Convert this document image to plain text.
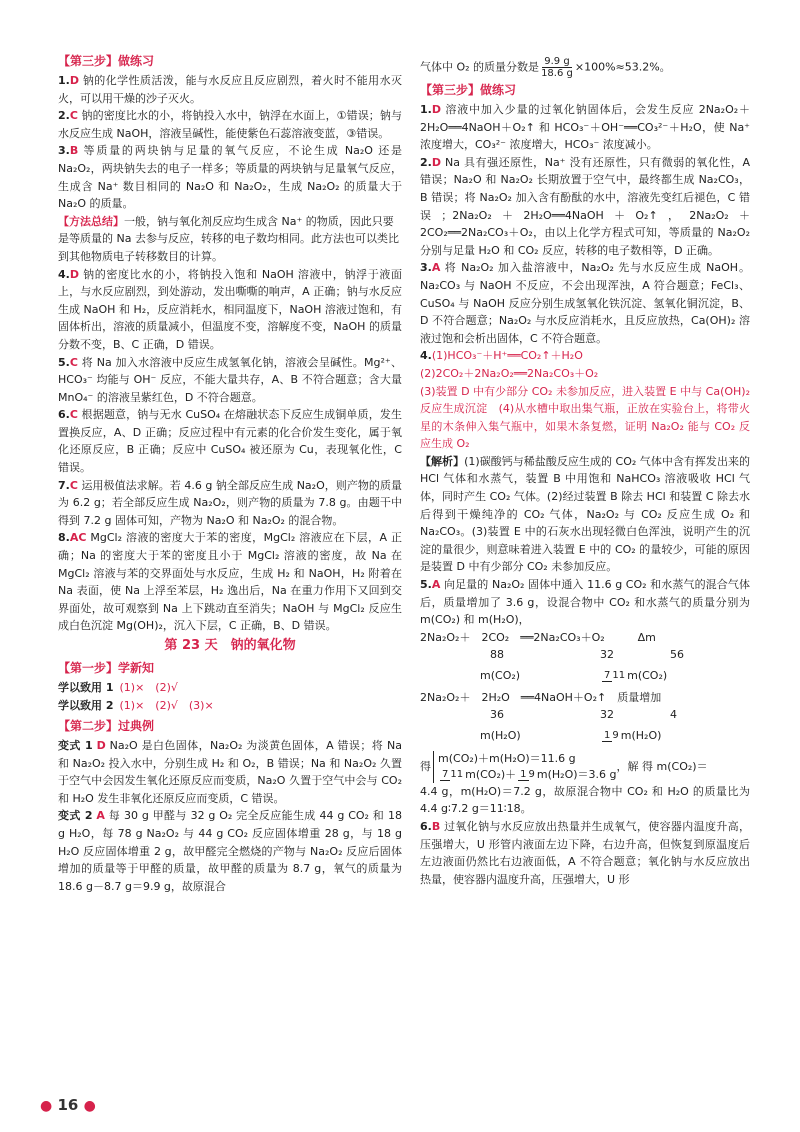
【第三步】做练习

1.D 钠的化学性质活泼，能与水反应且反应剧烈，着火时不能用水灭火，可以用干燥的沙子灭火。

2.C 钠的密度比水的小，将钠投入水中，钠浮在水面上，①错误；钠与水反应生成 NaOH，溶液呈碱性，能使紫色石蕊溶液变蓝，③错误。

3.B 等质量的两块钠与足量的氧气反应，不论生成 Na₂O 还是 Na₂O₂，两块钠失去的电子一样多；等质量的两块钠与足量氧气反应，生成含 Na⁺ 数目相同的 Na₂O 和 Na₂O₂，生成 Na₂O₂ 的质量大于 Na₂O 的质量。

【方法总结】一般，钠与氧化剂反应均生成含 Na⁺ 的物质，因此只要是等质量的 Na 去参与反应，转移的电子数均相同。此方法也可以类比到其他物质电子转移数目的计算。

4.D 钠的密度比水的小，将钠投入饱和 NaOH 溶液中，钠浮于液面上，与水反应剧烈，到处游动，发出嘶嘶的响声，A 正确；钠与水反应生成 NaOH 和 H₂，反应消耗水，相同温度下，NaOH 溶液过饱和，有固体析出，溶液的质量减小，但温度不变，溶解度不变，NaOH 的质量分数不变，B、C 正确，D 错误。

5.C 将 Na 加入水溶液中反应生成氢氧化钠，溶液会呈碱性。Mg²⁺、HCO₃⁻ 均能与 OH⁻ 反应，不能大量共存，A、B 不符合题意；含大量 MnO₄⁻ 的溶液呈紫红色，D 不符合题意。

6.C 根据题意，钠与无水 CuSO₄ 在熔融状态下反应生成铜单质，发生置换反应，A、D 正确；反应过程中有元素的化合价发生变化，属于氧化还原反应，B 正确；反应中 CuSO₄ 被还原为 Cu，表现氧化性，C 错误。

7.C 运用极值法求解。若 4.6 g 钠全部反应生成 Na₂O，则产物的质量为 6.2 g；若全部反应生成 Na₂O₂，则产物的质量为 7.8 g。由题干中得到 7.2 g 固体可知，产物为 Na₂O 和 Na₂O₂ 的混合物。

8.AC MgCl₂ 溶液的密度大于苯的密度，MgCl₂ 溶液应在下层，A 正确；Na 的密度大于苯的密度且小于 MgCl₂ 溶液的密度，故 Na 在 MgCl₂ 溶液与苯的交界面处与水反应，生成 H₂ 和 NaOH，H₂ 附着在 Na 表面，使 Na 上浮至苯层，H₂ 逸出后，Na 在重力作用下又回到交界面处，故可观察到 Na 上下跳动直至消失；NaOH 与 MgCl₂ 反应生成白色沉淀 Mg(OH)₂，沉入下层，C 正确，B、D 错误。

第 23 天　钠的氧化物
【第一步】学新知
学以致用 1 (1)×　(2)√
学以致用 2 (1)×　(2)√　(3)×
【第二步】过典例

变式 1 D Na₂O 是白色固体，Na₂O₂ 为淡黄色固体，A 错误；将 Na 和 Na₂O₂ 投入水中，分别生成 H₂ 和 O₂，B 错误；Na 和 Na₂O₂ 久置于空气中会因发生氧化还原反应而变质，Na₂O 久置于空气中会与 CO₂ 和 H₂O 发生非氧化还原反应而变质，C 错误。

变式 2 A 每 30 g 甲醛与 32 g O₂ 完全反应能生成 44 g CO₂ 和 18 g H₂O，每 78 g Na₂O₂ 与 44 g CO₂ 反应固体增重 28 g，与 18 g H₂O 反应固体增重 2 g，故甲醛完全燃烧的产物与 Na₂O₂ 反应后固体增加的质量等于甲醛的质量，故甲醛的质量为 8.7 g，氧气的质量为 18.6 g－8.7 g＝9.9 g，故原混合

气体中 O₂ 的质量分数是 $\frac{9.9 g}{18.6 g} \times 100\%\approx 53.2\%$。

【第三步】做练习

1.D 溶液中加入少量的过氧化钠固体后，会发生反应 2Na₂O₂＋2H₂O══4NaOH＋O₂↑ 和 HCO₃⁻＋OH⁻══CO₃²⁻＋H₂O，使 Na⁺ 浓度增大，CO₃²⁻ 浓度增大，HCO₃⁻ 浓度减小。

2.D Na 具有强还原性，Na⁺ 没有还原性，只有微弱的氧化性，A 错误；Na₂O 和 Na₂O₂ 长期放置于空气中，最终都生成 Na₂CO₃，B 错误；将 Na₂O₂ 加入含有酚酞的水中，溶液先变红后褪色，C 错误；2Na₂O₂＋2H₂O══4NaOH＋O₂↑，2Na₂O₂＋2CO₂══2Na₂CO₃＋O₂，由以上化学方程式可知，等质量的 Na₂O₂ 分别与足量 H₂O 和 CO₂ 反应，转移的电子数相等，D 正确。

3.A 将 Na₂O₂ 加入盐溶液中，Na₂O₂ 先与水反应生成 NaOH。Na₂CO₃ 与 NaOH 不反应，不会出现浑浊，A 符合题意；FeCl₃、CuSO₄ 与 NaOH 反应分别生成氢氧化铁沉淀、氢氧化铜沉淀，B、D 不符合题意；Na₂O₂ 与水反应消耗水，且反应放热，Ca(OH)₂ 溶液过饱和会析出固体，C 不符合题意。

4.(1)HCO₃⁻＋H⁺══CO₂↑＋H₂O
(2)2CO₂＋2Na₂O₂══2Na₂CO₃＋O₂
(3)装置 D 中有少部分 CO₂ 未参加反应，进入装置 E 中与 Ca(OH)₂ 反应生成沉淀　(4)从水槽中取出集气瓶，正放在实验台上，将带火星的木条伸入集气瓶中，如果木条复燃，证明 Na₂O₂ 能与 CO₂ 反应生成 O₂

【解析】(1)碳酸钙与稀盐酸反应生成的 CO₂ 气体中含有挥发出来的 HCl 气体和水蒸气，装置 B 中用饱和 NaHCO₃ 溶液吸收 HCl 气体，同时产生 CO₂ 气体。(2)经过装置 B 除去 HCl 和装置 C 除去水后得到干燥纯净的 CO₂ 气体，Na₂O₂ 与 CO₂ 反应生成 O₂ 和 Na₂CO₃。(3)装置 E 中的石灰水出现轻微白色浑浊，说明产生的沉淀的量很少，则意味着进入装置 E 中的 CO₂ 的量较少，可能的原因是装置 D 中有少部分 CO₂ 未参加反应。

5.A 向足量的 Na₂O₂ 固体中通入 11.6 g CO₂ 和水蒸气的混合气体后，质量增加了 3.6 g，设混合物中 CO₂ 和水蒸气的质量分别为 m(CO₂) 和 m(H₂O)，

2Na₂O₂＋　2CO₂　══2Na₂CO₃＋O₂　　　Δm
88	32	56
m(CO₂)	7 11 m(CO₂)
2Na₂O₂＋　2H₂O　══4NaOH＋O₂↑　质量增加
36	32	4
m(H₂O)	1 9 m(H₂O)
得
m(CO₂)＋m(H₂O)＝11.6 g
7 11 m(CO₂)＋ 1 9 m(H₂O)＝3.6 g
，解 得 m(CO₂)＝

4.4 g，m(H₂O)＝7.2 g，故原混合物中 CO₂ 和 H₂O 的质量比为 4.4 g∶7.2 g＝11∶18。

6.B 过氧化钠与水反应放出热量并生成氧气，使容器内温度升高，压强增大，U 形管内液面左边下降，右边升高，但恢复到原温度后左边液面仍然比右边液面低，A 不符合题意；氧化钠与水反应放出热量，使容器内温度升高，压强增大，U 形

● 16 ●
